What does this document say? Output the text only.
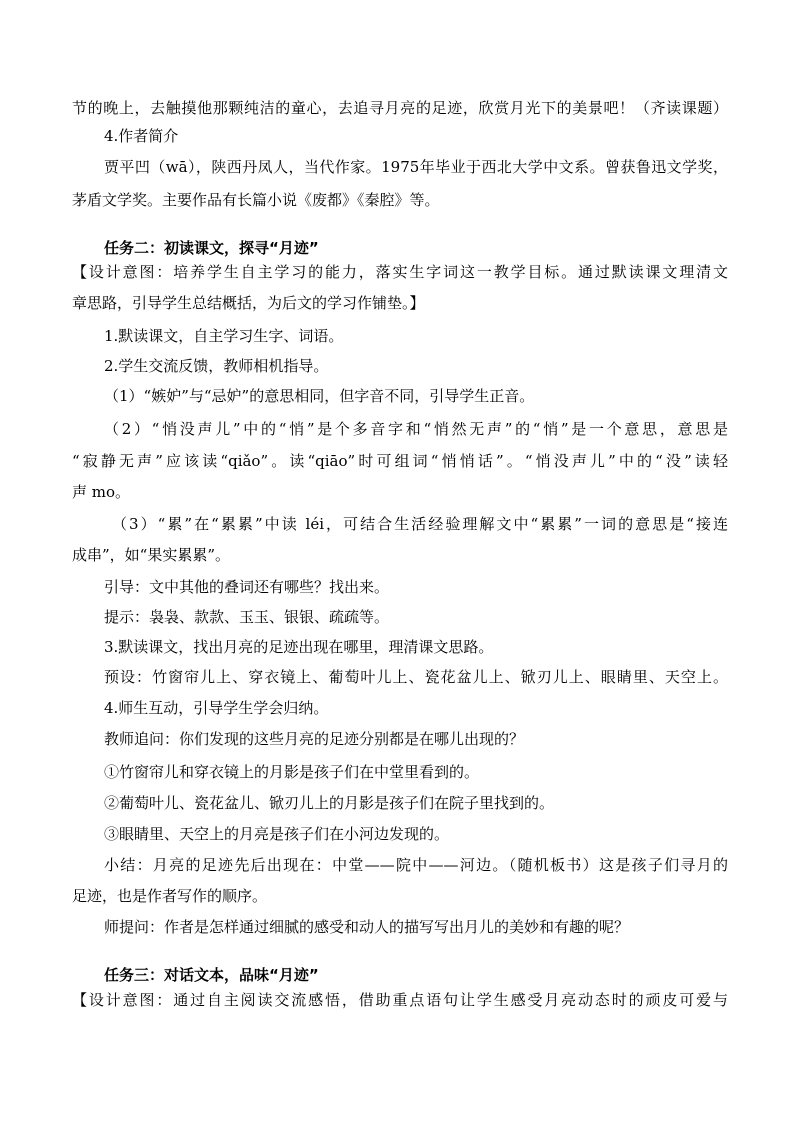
节的晚上，去触摸他那颗纯洁的童心，去追寻月亮的足迹，欣赏月光下的美景吧！（齐读课题）
4.作者简介
贾平凹（wā），陕西丹凤人，当代作家。1975年毕业于西北大学中文系。曾获鲁迅文学奖，
茅盾文学奖。主要作品有长篇小说《废都》《秦腔》等。
任务二：初读课文，探寻“月迹”
【设计意图：培养学生自主学习的能力，落实生字词这一教学目标。通过默读课文理清文
章思路，引导学生总结概括，为后文的学习作铺垫。】
1.默读课文，自主学习生字、词语。
2.学生交流反馈，教师相机指导。
（1）“嫉妒”与“忌妒”的意思相同，但字音不同，引导学生正音。
（2）“悄没声儿”中的“悄”是个多音字和“悄然无声”的“悄”是一个意思，意思是
“寂静无声”应该读“qiǎo”。读“qiāo”时可组词“悄悄话”。“悄没声儿”中的“没”读轻
声 mo。
（3）“累”在“累累”中读 léi，可结合生活经验理解文中“累累”一词的意思是“接连
成串”，如“果实累累”。
引导：文中其他的叠词还有哪些？找出来。
提示：袅袅、款款、玉玉、银银、疏疏等。
3.默读课文，找出月亮的足迹出现在哪里，理清课文思路。
预设：竹窗帘儿上、穿衣镜上、葡萄叶儿上、瓷花盆儿上、锨刃儿上、眼睛里、天空上。
4.师生互动，引导学生学会归纳。
教师追问：你们发现的这些月亮的足迹分别都是在哪儿出现的？
①竹窗帘儿和穿衣镜上的月影是孩子们在中堂里看到的。
②葡萄叶儿、瓷花盆儿、锨刃儿上的月影是孩子们在院子里找到的。
③眼睛里、天空上的月亮是孩子们在小河边发现的。
小结：月亮的足迹先后出现在：中堂——院中——河边。（随机板书）这是孩子们寻月的
足迹，也是作者写作的顺序。
师提问：作者是怎样通过细腻的感受和动人的描写写出月儿的美妙和有趣的呢？
任务三：对话文本，品味“月迹”
【设计意图：通过自主阅读交流感悟，借助重点语句让学生感受月亮动态时的顽皮可爱与
